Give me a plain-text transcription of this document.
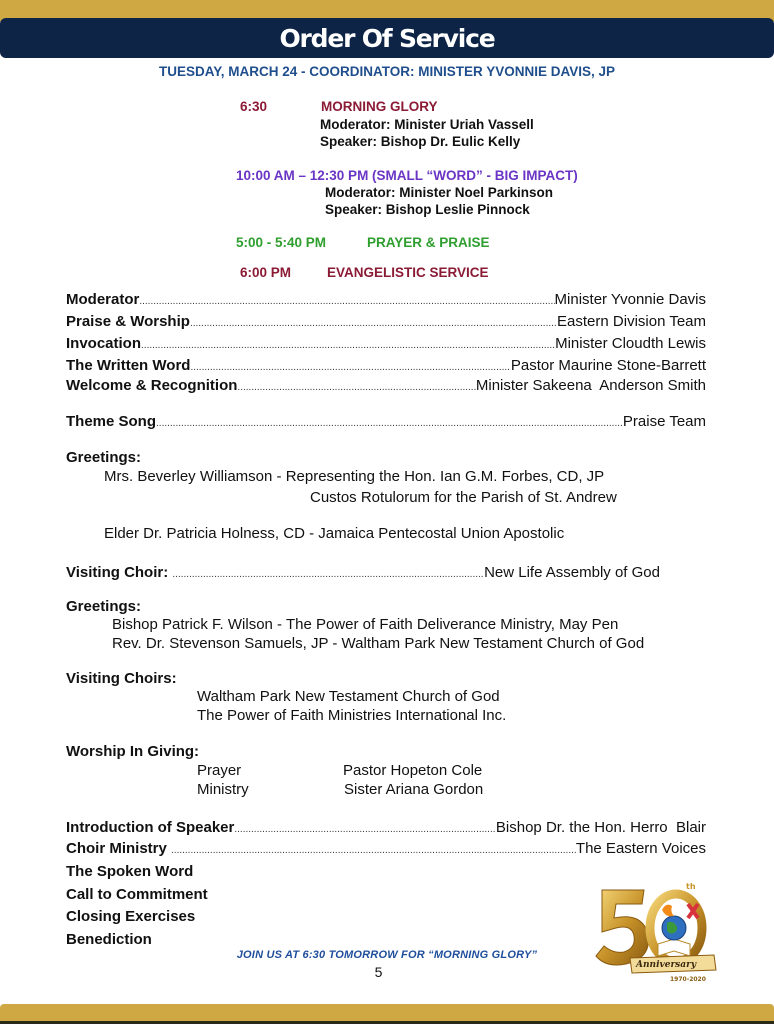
Order Of Service
TUESDAY, MARCH 24 - COORDINATOR: MINISTER YVONNIE DAVIS, JP
6:30	MORNING GLORY
Moderator: Minister Uriah Vassell
Speaker: Bishop Dr. Eulic Kelly
10:00 AM – 12:30 PM (SMALL “WORD” - BIG IMPACT)
Moderator: Minister Noel Parkinson
Speaker: Bishop Leslie Pinnock
5:00 - 5:40 PM	PRAYER & PRAISE
6:00 PM	EVANGELISTIC SERVICE
Moderator .....	Minister Yvonnie Davis
Praise & Worship .....	Eastern Division Team
Invocation .....	Minister Cloudth Lewis
The Written Word .....	Pastor Maurine Stone-Barrett
Welcome & Recognition .....	Minister Sakeena  Anderson Smith
Theme Song .....	Praise Team
Greetings:
Mrs. Beverley Williamson - Representing the Hon. Ian G.M. Forbes, CD, JP
Custos Rotulorum for the Parish of St. Andrew
Elder Dr. Patricia Holness, CD - Jamaica Pentecostal Union Apostolic
Visiting Choir: .....	New Life Assembly of God
Greetings:
Bishop Patrick F. Wilson - The Power of Faith Deliverance Ministry, May Pen
Rev. Dr. Stevenson Samuels, JP - Waltham Park New Testament Church of God
Visiting Choirs:
Waltham Park New Testament Church of God
The Power of Faith Ministries International Inc.
Worship In Giving:
Prayer	Pastor Hopeton Cole
Ministry	Sister Ariana Gordon
Introduction of Speaker .....	Bishop Dr. the Hon. Herro  Blair
Choir Ministry .....	The Eastern Voices
The Spoken Word
Call to Commitment
Closing Exercises
Benediction
JOIN US AT 6:30 TOMORROW FOR “MORNING GLORY”
5
th
Anniversary
1970-2020
